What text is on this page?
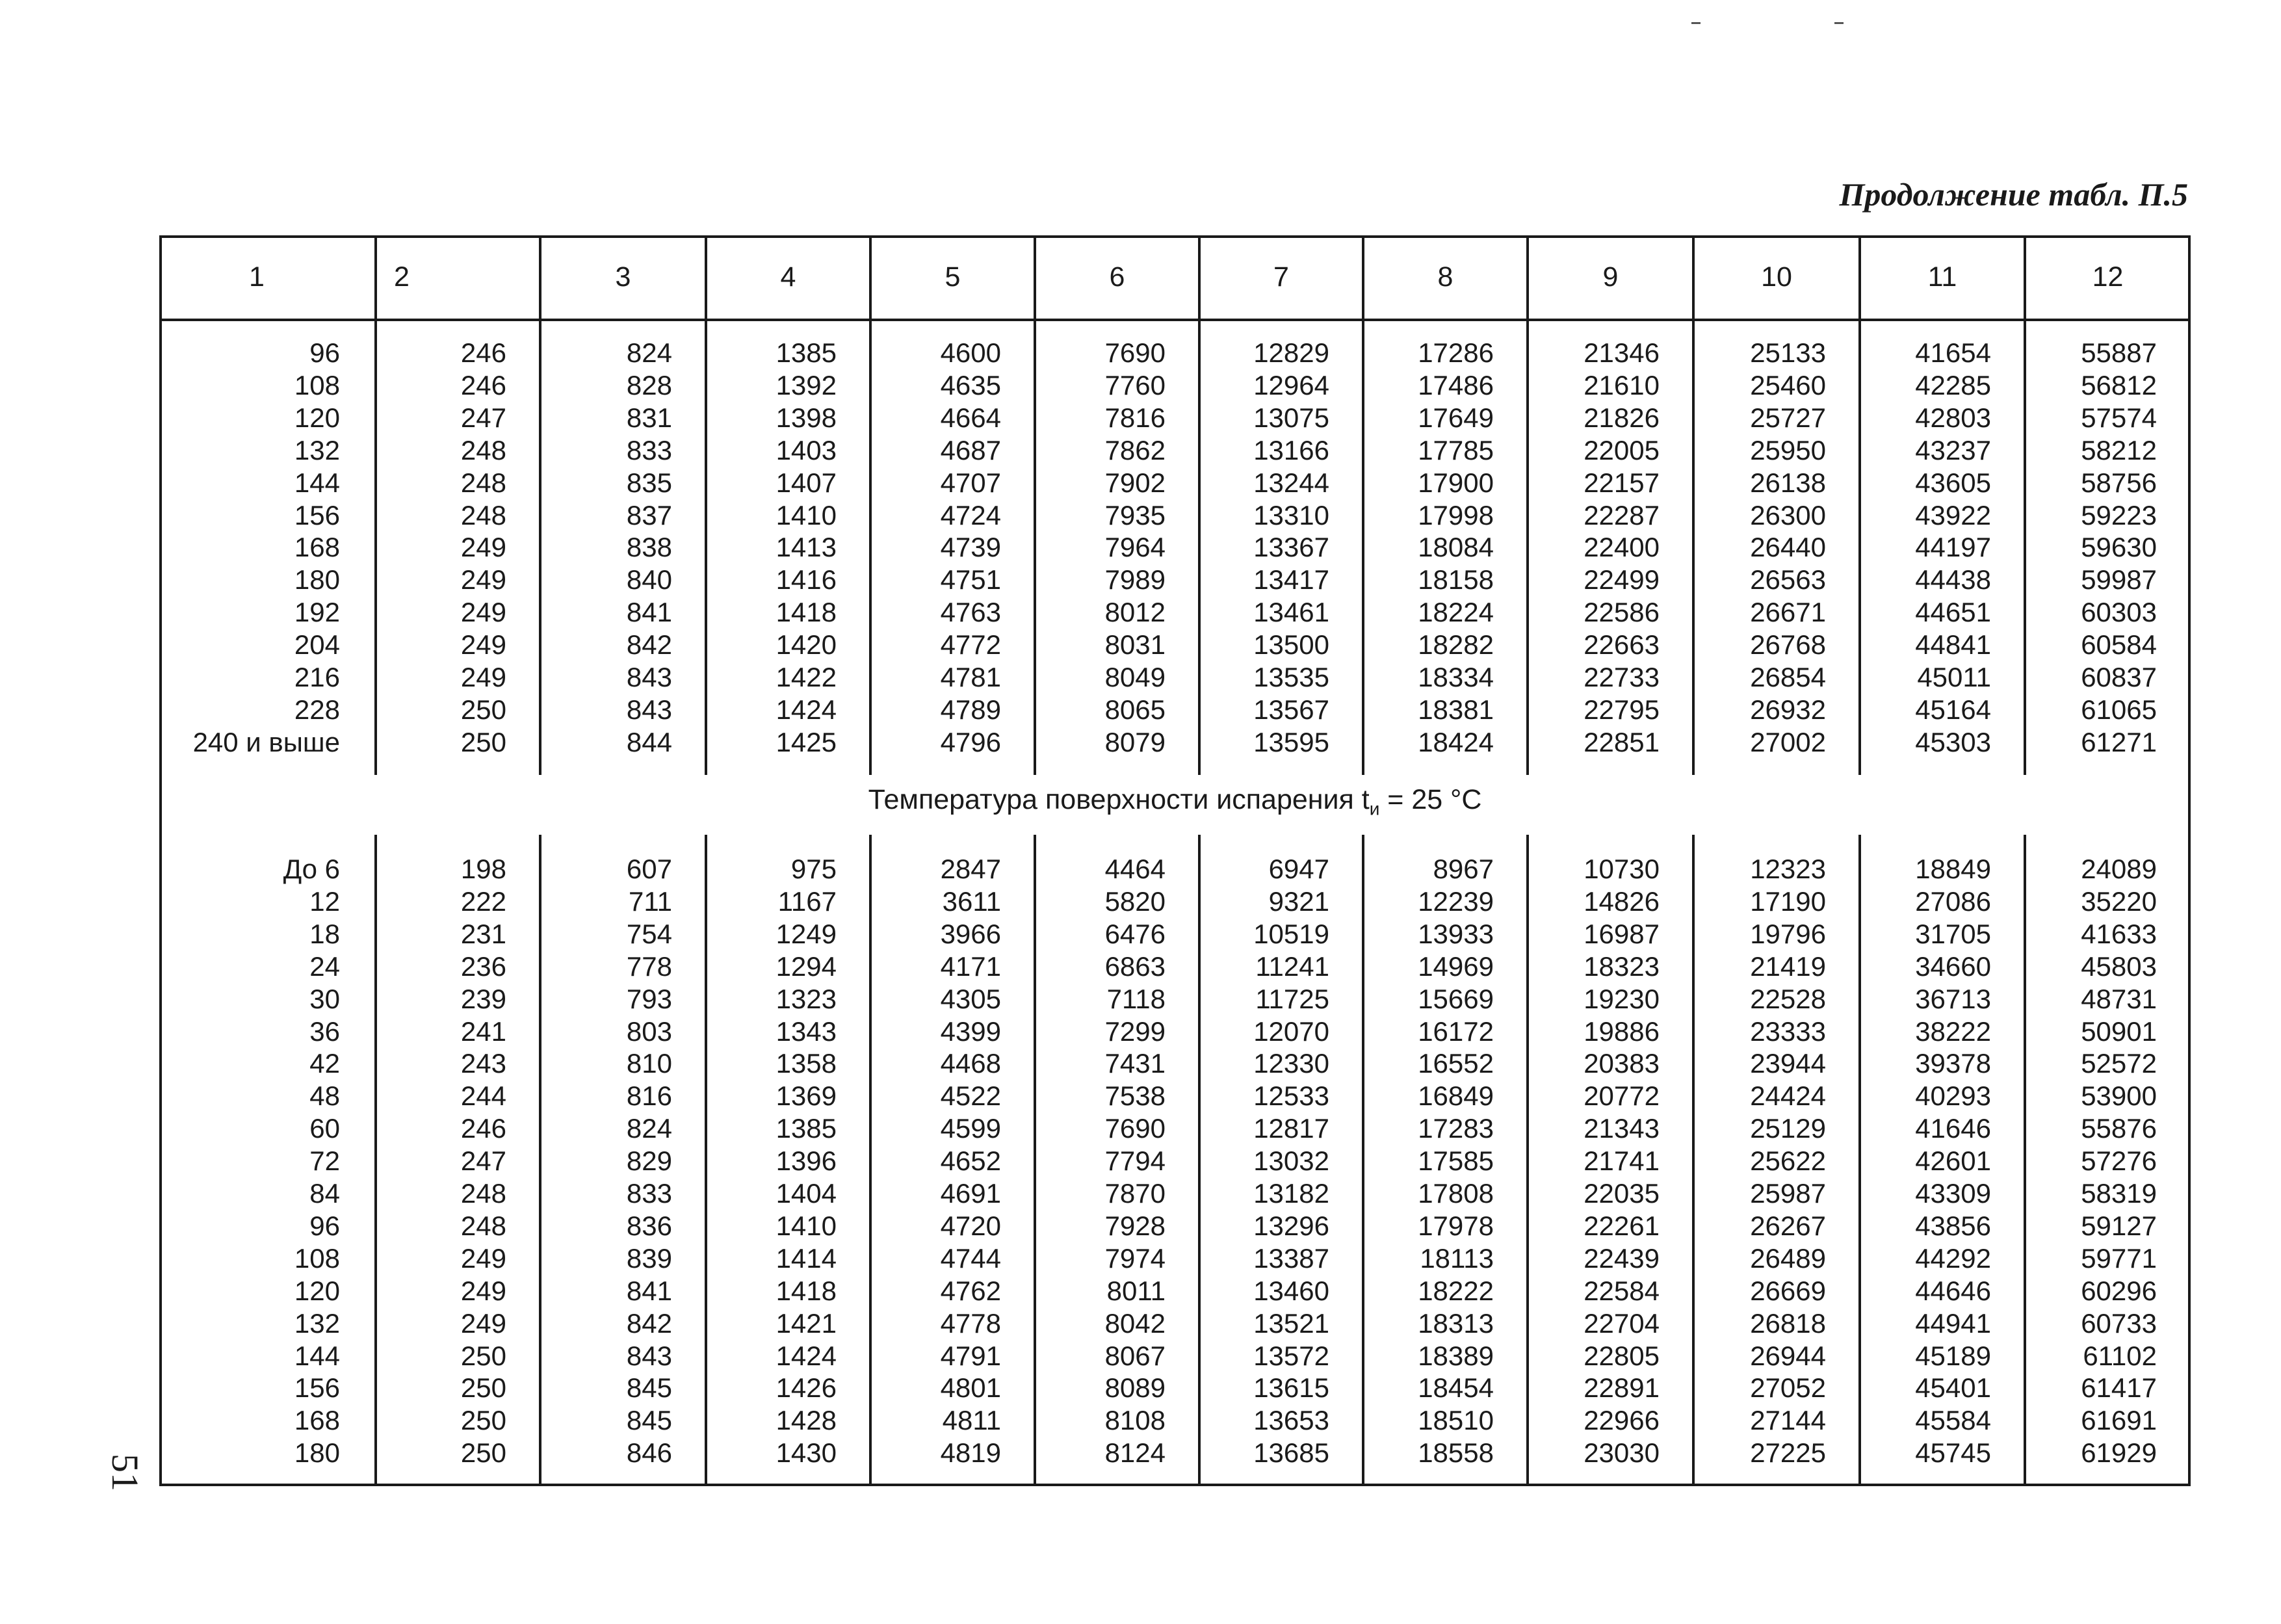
Продолжение табл. П.5
51
1	2	3	4	5	6	7	8	9	10	11	12
96	246	824	1385	4600	7690	12829	17286	21346	25133	41654	55887
108	246	828	1392	4635	7760	12964	17486	21610	25460	42285	56812
120	247	831	1398	4664	7816	13075	17649	21826	25727	42803	57574
132	248	833	1403	4687	7862	13166	17785	22005	25950	43237	58212
144	248	835	1407	4707	7902	13244	17900	22157	26138	43605	58756
156	248	837	1410	4724	7935	13310	17998	22287	26300	43922	59223
168	249	838	1413	4739	7964	13367	18084	22400	26440	44197	59630
180	249	840	1416	4751	7989	13417	18158	22499	26563	44438	59987
192	249	841	1418	4763	8012	13461	18224	22586	26671	44651	60303
204	249	842	1420	4772	8031	13500	18282	22663	26768	44841	60584
216	249	843	1422	4781	8049	13535	18334	22733	26854	45011	60837
228	250	843	1424	4789	8065	13567	18381	22795	26932	45164	61065
240 и выше	250	844	1425	4796	8079	13595	18424	22851	27002	45303	61271
Температура поверхности испарения $t_и = 25$ °C
До 6	198	607	975	2847	4464	6947	8967	10730	12323	18849	24089
12	222	711	1167	3611	5820	9321	12239	14826	17190	27086	35220
18	231	754	1249	3966	6476	10519	13933	16987	19796	31705	41633
24	236	778	1294	4171	6863	11241	14969	18323	21419	34660	45803
30	239	793	1323	4305	7118	11725	15669	19230	22528	36713	48731
36	241	803	1343	4399	7299	12070	16172	19886	23333	38222	50901
42	243	810	1358	4468	7431	12330	16552	20383	23944	39378	52572
48	244	816	1369	4522	7538	12533	16849	20772	24424	40293	53900
60	246	824	1385	4599	7690	12817	17283	21343	25129	41646	55876
72	247	829	1396	4652	7794	13032	17585	21741	25622	42601	57276
84	248	833	1404	4691	7870	13182	17808	22035	25987	43309	58319
96	248	836	1410	4720	7928	13296	17978	22261	26267	43856	59127
108	249	839	1414	4744	7974	13387	18113	22439	26489	44292	59771
120	249	841	1418	4762	8011	13460	18222	22584	26669	44646	60296
132	249	842	1421	4778	8042	13521	18313	22704	26818	44941	60733
144	250	843	1424	4791	8067	13572	18389	22805	26944	45189	61102
156	250	845	1426	4801	8089	13615	18454	22891	27052	45401	61417
168	250	845	1428	4811	8108	13653	18510	22966	27144	45584	61691
180	250	846	1430	4819	8124	13685	18558	23030	27225	45745	61929
